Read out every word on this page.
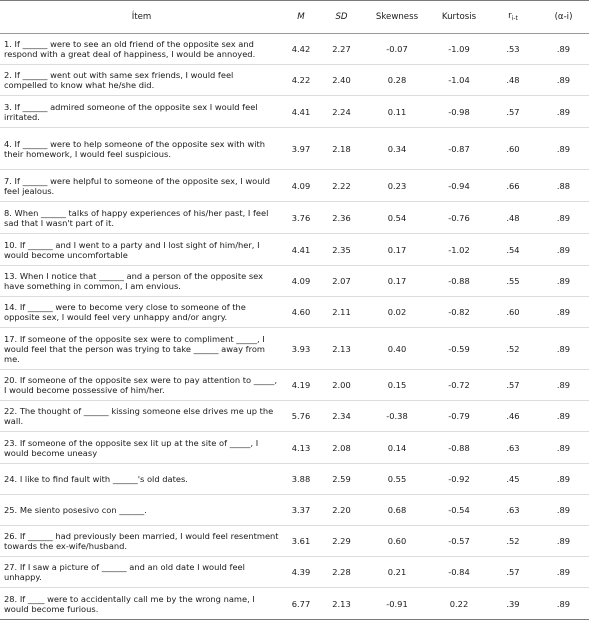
Ítem	M	SD	Skewness	Kurtosis	$r_{i-t}$	(α-i)
1. If ______ were to see an old friend of the opposite sex and respond with a great deal of happiness, I would be annoyed.	4.42	2.27	-0.07	-1.09	.53	.89
2. If ______ went out with same sex friends, I would feel compelled to know what he/she did.	4.22	2.40	0.28	-1.04	.48	.89
3. If ______ admired someone of the opposite sex I would feel irritated.	4.41	2.24	0.11	-0.98	.57	.89
4. If ______ were to help someone of the opposite sex with with their homework, I would feel suspicious.	3.97	2.18	0.34	-0.87	.60	.89
7. If ______ were helpful to someone of the opposite sex, I would feel jealous.	4.09	2.22	0.23	-0.94	.66	.88
8. When ______ talks of happy experiences of his/her past, I feel sad that I wasn't part of it.	3.76	2.36	0.54	-0.76	.48	.89
10. If ______ and I went to a party and I lost sight of him/her, I would become uncomfortable	4.41	2.35	0.17	-1.02	.54	.89
13. When I notice that ______ and a person of the opposite sex have something in common, I am envious.	4.09	2.07	0.17	-0.88	.55	.89
14. If ______ were to become very close to someone of the opposite sex, I would feel very unhappy and/or angry.	4.60	2.11	0.02	-0.82	.60	.89
17. If someone of the opposite sex were to compliment _____, I would feel that the person was trying to take ______ away from me.	3.93	2.13	0.40	-0.59	.52	.89
20. If someone of the opposite sex were to pay attention to _____, I would become possessive of him/her.	4.19	2.00	0.15	-0.72	.57	.89
22. The thought of ______ kissing someone else drives me up the wall.	5.76	2.34	-0.38	-0.79	.46	.89
23. If someone of the opposite sex lit up at the site of _____, I would become uneasy	4.13	2.08	0.14	-0.88	.63	.89
24. I like to find fault with ______'s old dates.	3.88	2.59	0.55	-0.92	.45	.89
25. Me siento posesivo con ______.	3.37	2.20	0.68	-0.54	.63	.89
26. If ______ had previously been married, I would feel resentment towards the ex-wife/husband.	3.61	2.29	0.60	-0.57	.52	.89
27. If I saw a picture of ______ and an old date I would feel unhappy.	4.39	2.28	0.21	-0.84	.57	.89
28. If ____ were to accidentally call me by the wrong name, I would become furious.	6.77	2.13	-0.91	0.22	.39	.89
